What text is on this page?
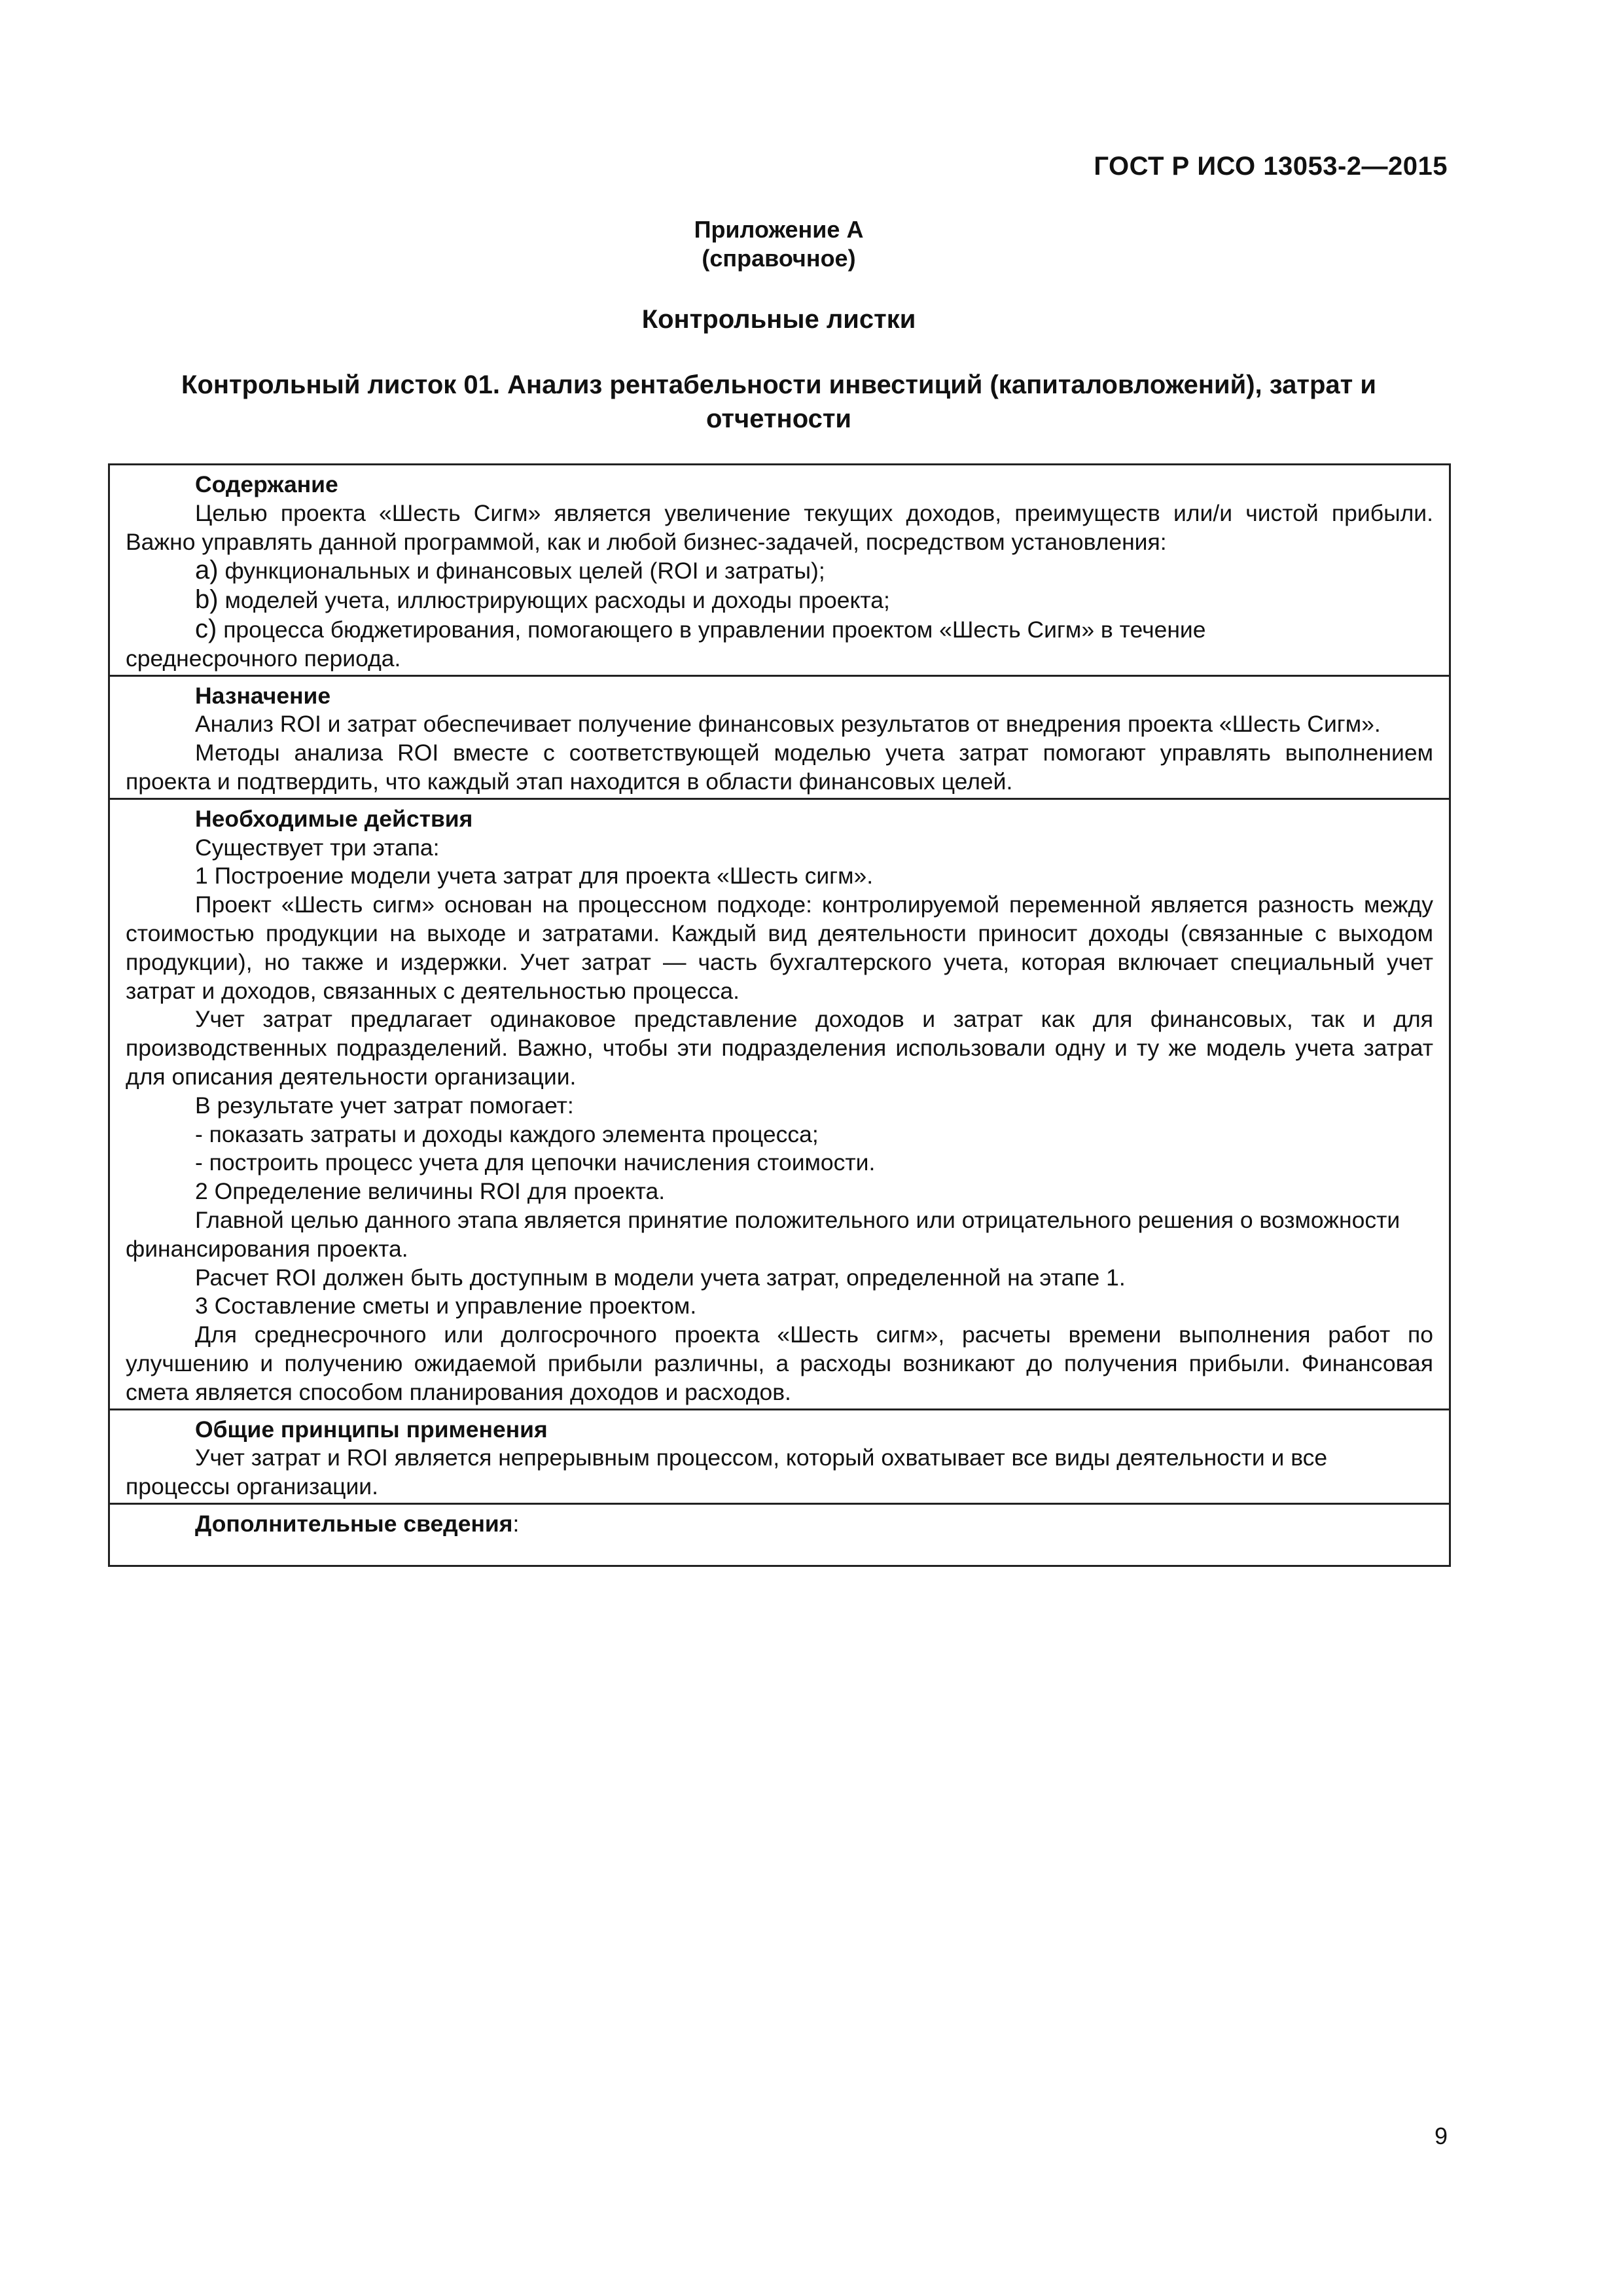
ГОСТ Р ИСО 13053-2—2015
Приложение А
(справочное)
Контрольные листки
Контрольный листок 01. Анализ рентабельности инвестиций (капиталовложений), затрат и
отчетности
Содержание

Целью проекта «Шесть Сигм» является увеличение текущих доходов, преимуществ или/и чистой прибыли. Важно управлять данной программой, как и любой бизнес-задачей, посредством установления:

a) функциональных и финансовых целей (ROI и затраты);
b) моделей учета, иллюстрирующих расходы и доходы проекта;
c) процесса бюджетирования, помогающего в управлении проектом «Шесть Сигм» в течение
среднесрочного периода.
Назначение

Анализ ROI и затрат обеспечивает получение финансовых результатов от внедрения проекта «Шесть Сигм».

Методы анализа ROI вместе с соответствующей моделью учета затрат помогают управлять выполнением проекта и подтвердить, что каждый этап находится в области финансовых целей.

Необходимые действия

Существует три этапа:

1 Построение модели учета затрат для проекта «Шесть сигм».

Проект «Шесть сигм» основан на процессном подходе: контролируемой переменной является разность между стоимостью продукции на выходе и затратами. Каждый вид деятельности приносит доходы (связанные с выходом продукции), но также и издержки. Учет затрат — часть бухгалтерского учета, которая включает специальный учет затрат и доходов, связанных с деятельностью процесса.

Учет затрат предлагает одинаковое представление доходов и затрат как для финансовых, так и для производственных подразделений. Важно, чтобы эти подразделения использовали одну и ту же модель учета затрат для описания деятельности организации.

В результате учет затрат помогает:

- показать затраты и доходы каждого элемента процесса;

- построить процесс учета для цепочки начисления стоимости.

2 Определение величины ROI для проекта.

Главной целью данного этапа является принятие положительного или отрицательного решения о возможности финансирования проекта.

Расчет ROI должен быть доступным в модели учета затрат, определенной на этапе 1.

3 Составление сметы и управление проектом.

Для среднесрочного или долгосрочного проекта «Шесть сигм», расчеты времени выполнения работ по улучшению и получению ожидаемой прибыли различны, а расходы возникают до получения прибыли. Финансовая смета является способом планирования доходов и расходов.

Общие принципы применения

Учет затрат и ROI является непрерывным процессом, который охватывает все виды деятельности и все процессы организации.

Дополнительные сведения:
9
